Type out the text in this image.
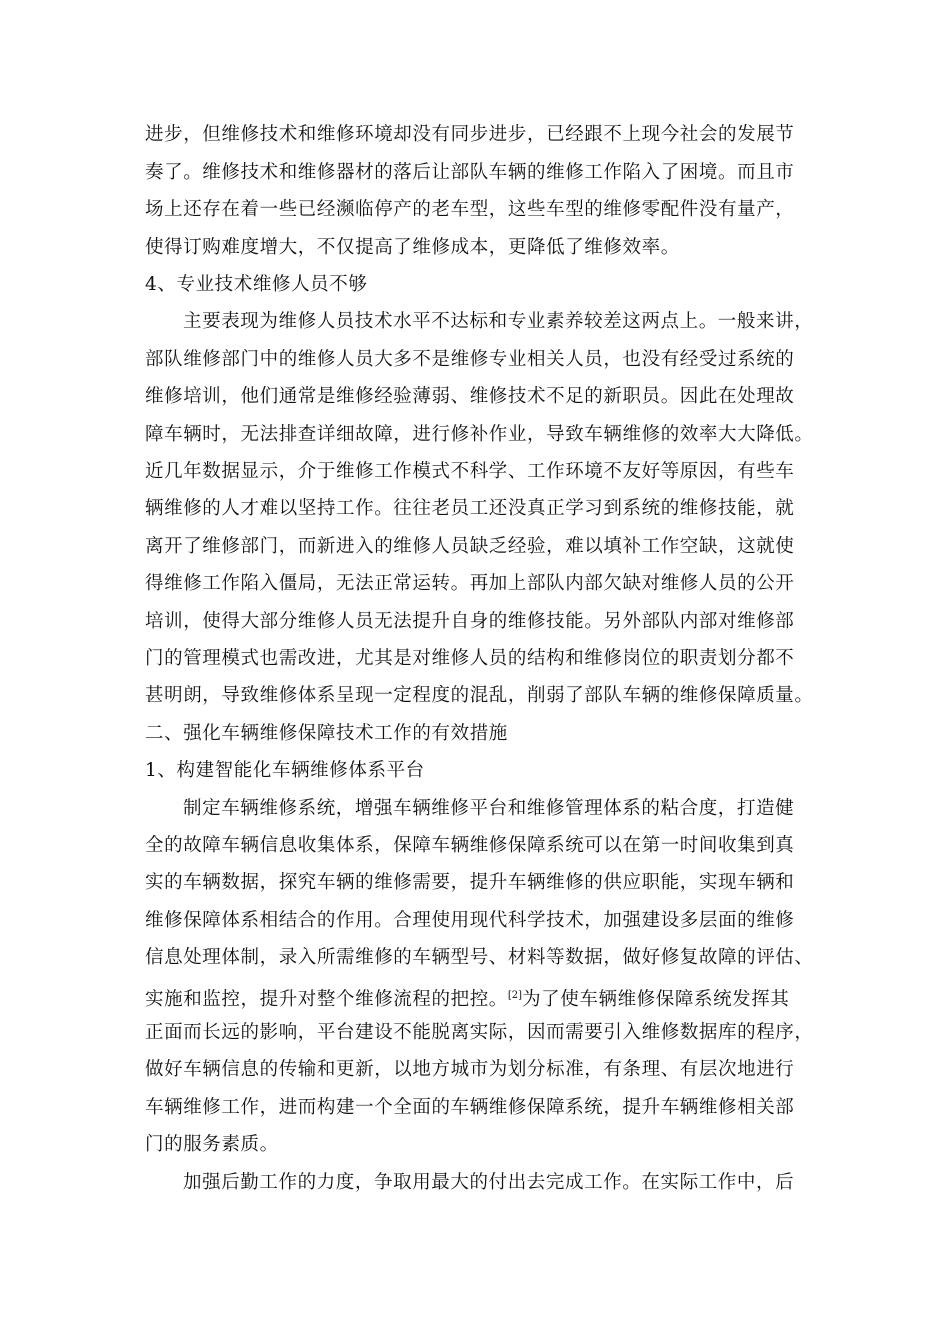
进步，但维修技术和维修环境却没有同步进步，已经跟不上现今社会的发展节
奏了。维修技术和维修器材的落后让部队车辆的维修工作陷入了困境。而且市
场上还存在着一些已经濒临停产的老车型，这些车型的维修零配件没有量产，
使得订购难度增大，不仅提高了维修成本，更降低了维修效率。
4、专业技术维修人员不够
主要表现为维修人员技术水平不达标和专业素养较差这两点上。一般来讲，
部队维修部门中的维修人员大多不是维修专业相关人员，也没有经受过系统的
维修培训，他们通常是维修经验薄弱、维修技术不足的新职员。因此在处理故
障车辆时，无法排查详细故障，进行修补作业，导致车辆维修的效率大大降低。
近几年数据显示，介于维修工作模式不科学、工作环境不友好等原因，有些车
辆维修的人才难以坚持工作。往往老员工还没真正学习到系统的维修技能，就
离开了维修部门，而新进入的维修人员缺乏经验，难以填补工作空缺，这就使
得维修工作陷入僵局，无法正常运转。再加上部队内部欠缺对维修人员的公开
培训，使得大部分维修人员无法提升自身的维修技能。另外部队内部对维修部
门的管理模式也需改进，尤其是对维修人员的结构和维修岗位的职责划分都不
甚明朗，导致维修体系呈现一定程度的混乱，削弱了部队车辆的维修保障质量。
二、强化车辆维修保障技术工作的有效措施
1、构建智能化车辆维修体系平台
制定车辆维修系统，增强车辆维修平台和维修管理体系的粘合度，打造健
全的故障车辆信息收集体系，保障车辆维修保障系统可以在第一时间收集到真
实的车辆数据，探究车辆的维修需要，提升车辆维修的供应职能，实现车辆和
维修保障体系相结合的作用。合理使用现代科学技术，加强建设多层面的维修
信息处理体制，录入所需维修的车辆型号、材料等数据，做好修复故障的评估、
实施和监控，提升对整个维修流程的把控。[2]为了使车辆维修保障系统发挥其
正面而长远的影响，平台建设不能脱离实际，因而需要引入维修数据库的程序，
做好车辆信息的传输和更新，以地方城市为划分标准，有条理、有层次地进行
车辆维修工作，进而构建一个全面的车辆维修保障系统，提升车辆维修相关部
门的服务素质。
加强后勤工作的力度，争取用最大的付出去完成工作。在实际工作中，后
